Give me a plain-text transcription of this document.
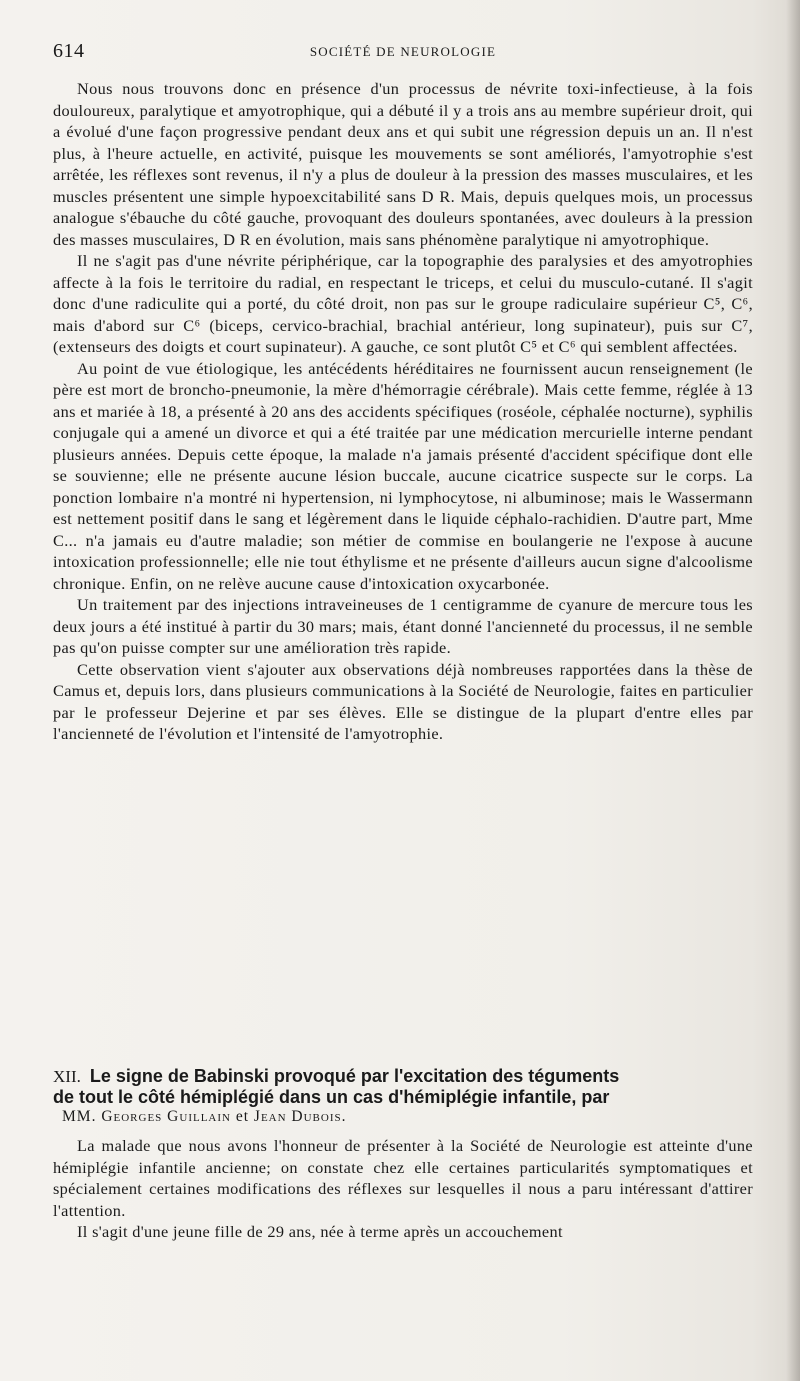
614	SOCIÉTÉ DE NEUROLOGIE

Nous nous trouvons donc en présence d'un processus de névrite toxi-infectieuse, à la fois douloureux, paralytique et amyotrophique, qui a débuté il y a trois ans au membre supérieur droit, qui a évolué d'une façon progressive pendant deux ans et qui subit une régression depuis un an. Il n'est plus, à l'heure actuelle, en activité, puisque les mouvements se sont améliorés, l'amyotrophie s'est arrêtée, les réflexes sont revenus, il n'y a plus de douleur à la pression des masses musculaires, et les muscles présentent une simple hypoexcitabilité sans D R. Mais, depuis quelques mois, un processus analogue s'ébauche du côté gauche, provoquant des douleurs spontanées, avec douleurs à la pression des masses musculaires, D R en évolution, mais sans phénomène paralytique ni amyotrophique.

Il ne s'agit pas d'une névrite périphérique, car la topographie des paralysies et des amyotrophies affecte à la fois le territoire du radial, en respectant le triceps, et celui du musculo-cutané. Il s'agit donc d'une radiculite qui a porté, du côté droit, non pas sur le groupe radiculaire supérieur C⁵, C⁶, mais d'abord sur C⁶ (biceps, cervico-brachial, brachial antérieur, long supinateur), puis sur C⁷, (extenseurs des doigts et court supinateur). A gauche, ce sont plutôt C⁵ et C⁶ qui semblent affectées.

Au point de vue étiologique, les antécédents héréditaires ne fournissent aucun renseignement (le père est mort de broncho-pneumonie, la mère d'hémorragie cérébrale). Mais cette femme, réglée à 13 ans et mariée à 18, a présenté à 20 ans des accidents spécifiques (roséole, céphalée nocturne), syphilis conjugale qui a amené un divorce et qui a été traitée par une médication mercurielle interne pendant plusieurs années. Depuis cette époque, la malade n'a jamais présenté d'accident spécifique dont elle se souvienne; elle ne présente aucune lésion buccale, aucune cicatrice suspecte sur le corps. La ponction lombaire n'a montré ni hypertension, ni lymphocytose, ni albuminose; mais le Wassermann est nettement positif dans le sang et légèrement dans le liquide céphalo-rachidien. D'autre part, Mme C... n'a jamais eu d'autre maladie; son métier de commise en boulangerie ne l'expose à aucune intoxication professionnelle; elle nie tout éthylisme et ne présente d'ailleurs aucun signe d'alcoolisme chronique. Enfin, on ne relève aucune cause d'intoxication oxycarbonée.

Un traitement par des injections intraveineuses de 1 centigramme de cyanure de mercure tous les deux jours a été institué à partir du 30 mars; mais, étant donné l'ancienneté du processus, il ne semble pas qu'on puisse compter sur une amélioration très rapide.

Cette observation vient s'ajouter aux observations déjà nombreuses rapportées dans la thèse de Camus et, depuis lors, dans plusieurs communications à la Société de Neurologie, faites en particulier par le professeur Dejerine et par ses élèves. Elle se distingue de la plupart d'entre elles par l'ancienneté de l'évolution et l'intensité de l'amyotrophie.

XII. Le signe de Babinski provoqué par l'excitation des téguments
de tout le côté hémiplégié dans un cas d'hémiplégie infantile, par
MM. Georges Guillain et Jean Dubois.

La malade que nous avons l'honneur de présenter à la Société de Neurologie est atteinte d'une hémiplégie infantile ancienne; on constate chez elle certaines particularités symptomatiques et spécialement certaines modifications des réflexes sur lesquelles il nous a paru intéressant d'attirer l'attention.

Il s'agit d'une jeune fille de 29 ans, née à terme après un accouchement
